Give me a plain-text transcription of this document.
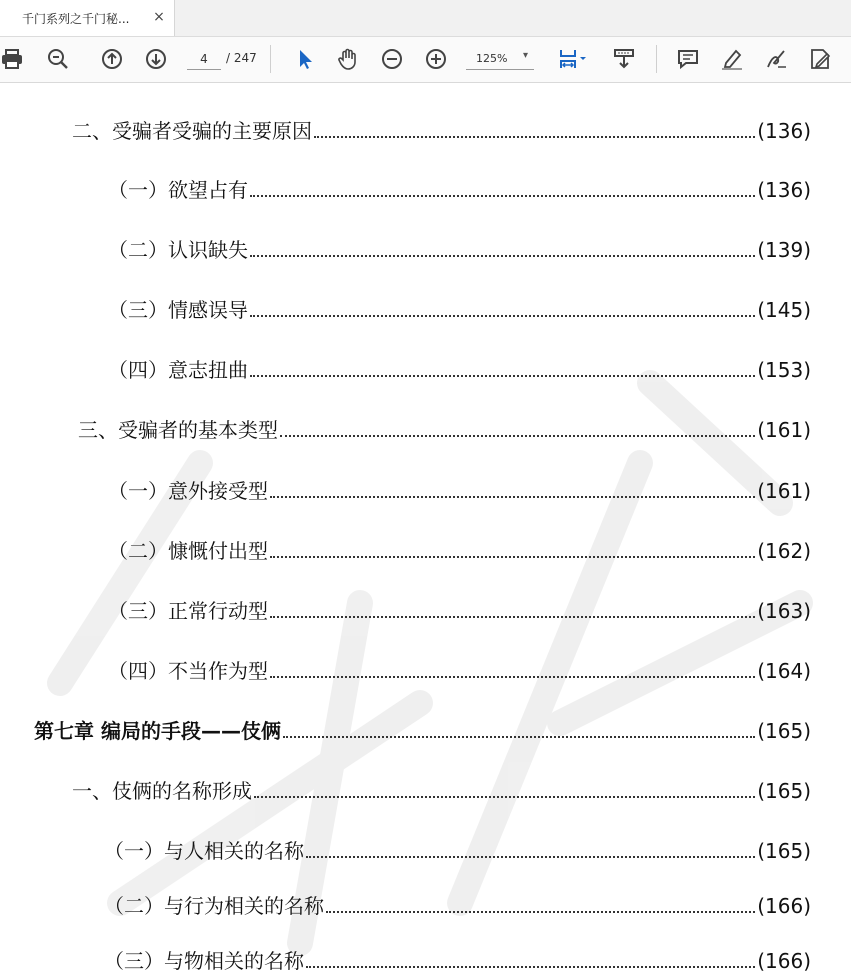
千门系列之千门秘...	×
4
/ 247	125% ▾
二、受骗者受骗的主要原因	(136)
（一）欲望占有	(136)
（二）认识缺失	(139)
（三）情感误导	(145)
（四）意志扭曲	(153)
三、受骗者的基本类型	(161)
（一）意外接受型	(161)
（二）慷慨付出型	(162)
（三）正常行动型	(163)
（四）不当作为型	(164)
第七章 编局的手段——伎俩	(165)
一、伎俩的名称形成	(165)
（一）与人相关的名称	(165)
（二）与行为相关的名称	(166)
（三）与物相关的名称	(166)
